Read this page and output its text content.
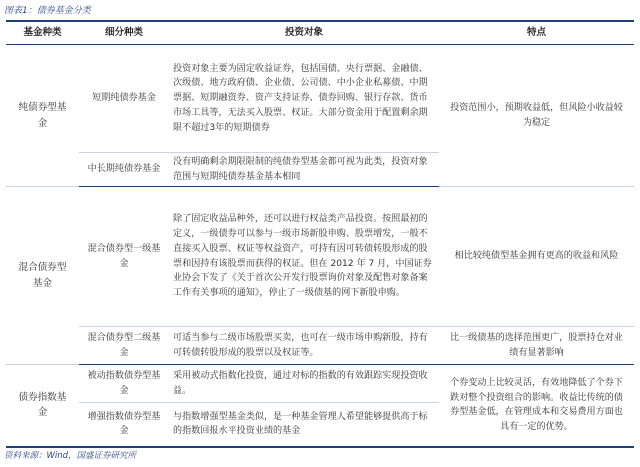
图表1：债券基金分类
基金种类	细分种类	投资对象	特点
纯债券型基金	短期纯债券基金	投资对象主要为固定收益证券，包括国债、央行票据、金融债、次级债、地方政府债、企业债、公司债、中小企业私募债、中期票据、短期融资券、资产支持证券、债券回购、银行存款、货币市场工具等，无法买入股票、权证。大部分资金用于配置剩余期限不超过3年的短期债券	投资范围小，预期收益低，但风险小收益较为稳定
	中长期纯债券基金	没有明确剩余期限限制的纯债券型基金都可视为此类，投资对象范围与短期纯债券基金基本相同	
混合债券型基金	混合债券型一级基金	除了固定收益品种外，还可以进行权益类产品投资。按照最初的定义，一级债券可以参与一级市场新股申购、股票增发，一般不直接买入股票、权证等权益资产，可持有因可转债转股形成的股票和因持有该股票而获得的权证。但在 2012 年 7 月，中国证券业协会下发了《关于首次公开发行股票询价对象及配售对象备案工作有关事项的通知》，停止了一级债基的网下新股申购。	相比较纯债型基金拥有更高的收益和风险
	混合债券型二级基金	可适当参与二级市场股票买卖，也可在一级市场申购新股，持有可转债转股形成的股票以及权证等。	比一级债基的选择范围更广，股票持仓对业绩有显著影响
债券指数基金	被动指数债券型基金	采用被动式指数化投资，通过对标的指数的有效跟踪实现投资收益。	个券变动上比较灵活，有效地降低了个券下跌对整个投资组合的影响。收益比传统的债券型基金低，在管理成本和交易费用方面也具有一定的优势。
	增强指数债券型基金	与指数增强型基金类似，是一种基金管理人希望能够提供高于标的指数回报水平投资业绩的基金	
资料来源：Wind，国盛证券研究所
